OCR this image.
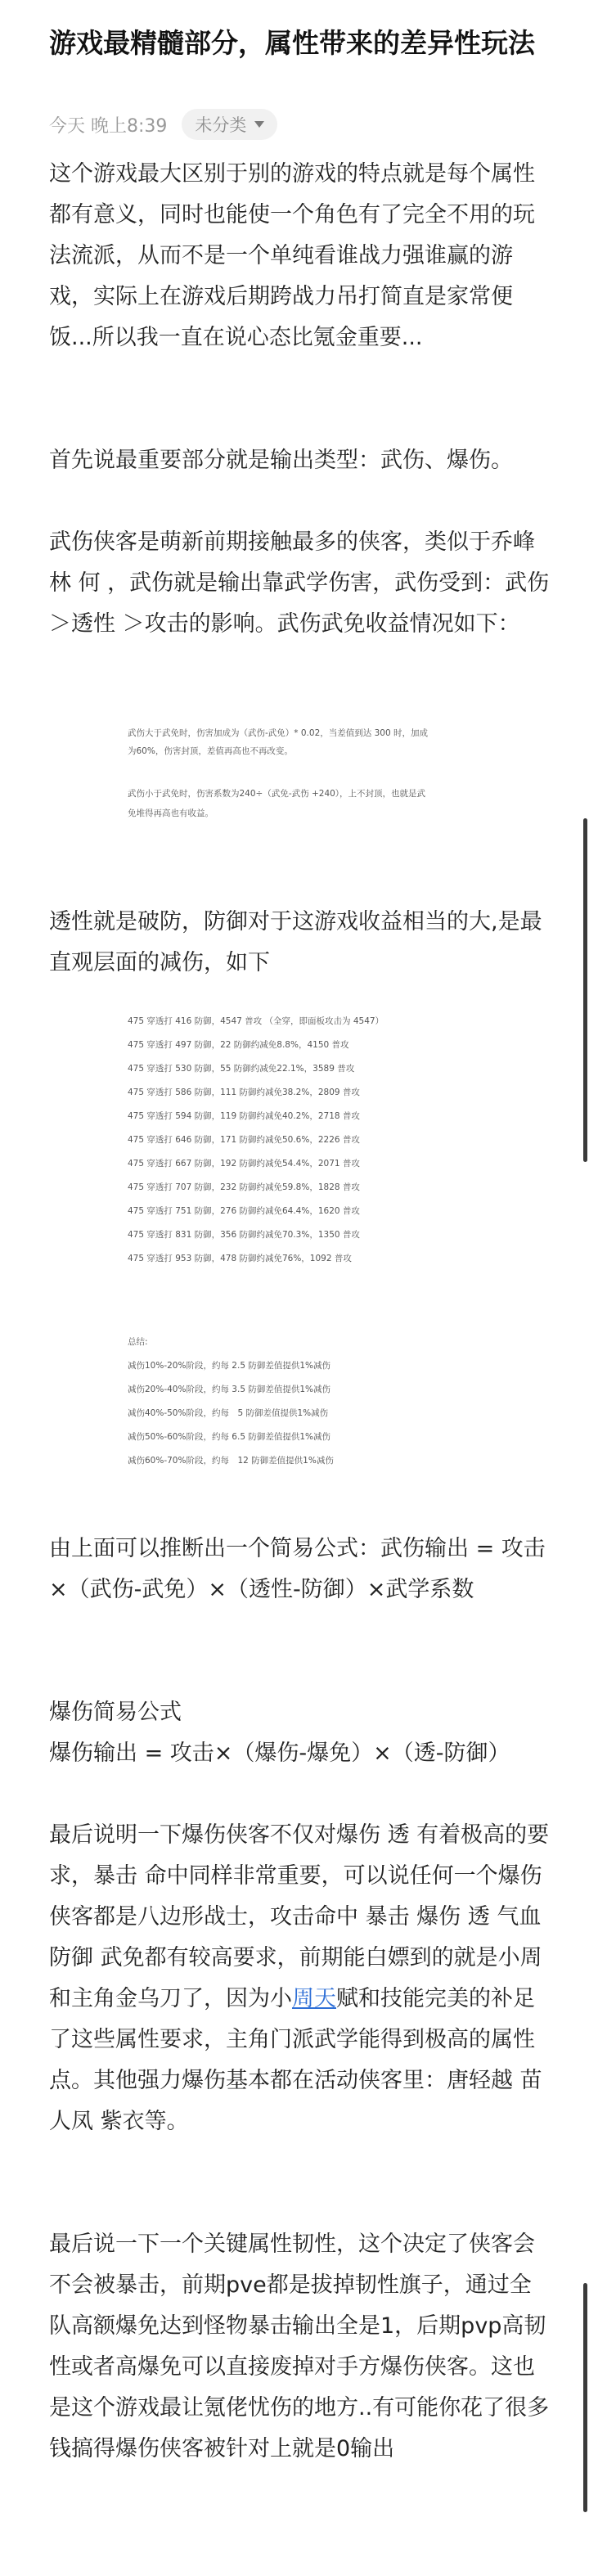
游戏最精髓部分，属性带来的差异性玩法
今天 晚上8:39 未分类
这个游戏最大区别于别的游戏的特点就是每个属性都有意义，同时也能使一个角色有了完全不用的玩法流派，从而不是一个单纯看谁战力强谁赢的游戏，实际上在游戏后期跨战力吊打简直是家常便饭...所以我一直在说心态比氪金重要...
首先说最重要部分就是输出类型：武伤、爆伤。
武伤侠客是萌新前期接触最多的侠客，类似于乔峰 林 何 ，武伤就是输出靠武学伤害，武伤受到：武伤＞透性 ＞攻击的影响。武伤武免收益情况如下：
武伤大于武免时，伤害加成为（武伤-武免）* 0.02，当差值到达 300 时，加成
为60%，伤害封顶，差值再高也不再改变。
武伤小于武免时，伤害系数为240÷（武免-武伤 +240），上不封顶，也就是武
免堆得再高也有收益。
透性就是破防，防御对于这游戏收益相当的大,是最直观层面的减伤，如下
475 穿透打 416 防御，4547 普攻 （全穿，即面板攻击为 4547）
475 穿透打 497 防御，22 防御约减免8.8%，4150 普攻
475 穿透打 530 防御，55 防御约减免22.1%，3589 普攻
475 穿透打 586 防御，111 防御约减免38.2%，2809 普攻
475 穿透打 594 防御，119 防御约减免40.2%，2718 普攻
475 穿透打 646 防御，171 防御约减免50.6%，2226 普攻
475 穿透打 667 防御，192 防御约减免54.4%，2071 普攻
475 穿透打 707 防御，232 防御约减免59.8%，1828 普攻
475 穿透打 751 防御，276 防御约减免64.4%，1620 普攻
475 穿透打 831 防御，356 防御约减免70.3%，1350 普攻
475 穿透打 953 防御，478 防御约减免76%，1092 普攻
总结:
减伤10%-20%阶段，约每 2.5 防御差值提供1%减伤
减伤20%-40%阶段，约每 3.5 防御差值提供1%减伤
减伤40%-50%阶段，约每　5 防御差值提供1%减伤
减伤50%-60%阶段，约每 6.5 防御差值提供1%减伤
减伤60%-70%阶段，约每　12 防御差值提供1%减伤
由上面可以推断出一个简易公式：武伤输出 = 攻击×（武伤-武免）×（透性-防御）×武学系数
爆伤简易公式
爆伤输出 = 攻击×（爆伤-爆免）×（透-防御）
最后说明一下爆伤侠客不仅对爆伤 透 有着极高的要求，暴击 命中同样非常重要，可以说任何一个爆伤侠客都是八边形战士，攻击命中 暴击 爆伤 透 气血 防御 武免都有较高要求，前期能白嫖到的就是小周和主角金乌刀了，因为小周天赋和技能完美的补足了这些属性要求，主角门派武学能得到极高的属性点。其他强力爆伤基本都在活动侠客里：唐轻越 苗人凤 紫衣等。
最后说一下一个关键属性韧性，这个决定了侠客会不会被暴击，前期pve都是拔掉韧性旗子，通过全队高额爆免达到怪物暴击输出全是1，后期pvp高韧性或者高爆免可以直接废掉对手方爆伤侠客。这也是这个游戏最让氪佬忧伤的地方..有可能你花了很多钱搞得爆伤侠客被针对上就是0输出
